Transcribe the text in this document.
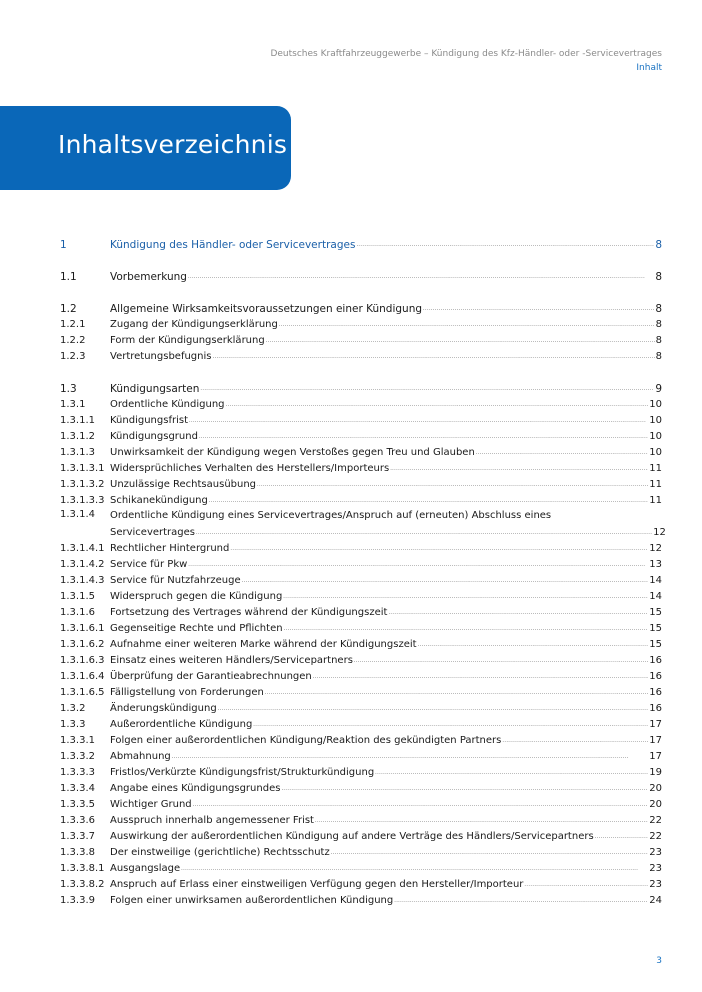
Deutsches Kraftfahrzeuggewerbe – Kündigung des Kfz-Händler- oder -Servicevertrages
Inhalt
Inhaltsverzeichnis
1	Kündigung des Händler- oder Servicevertrages . . .	8
1.1	Vorbemerkung . . .	8
1.2	Allgemeine Wirksamkeitsvoraussetzungen einer Kündigung . . .	8
1.2.1	Zugang der Kündigungserklärung . . .	8
1.2.2	Form der Kündigungserklärung . . .	8
1.2.3	Vertretungsbefugnis . . .	8
1.3	Kündigungsarten . . .	9
1.3.1	Ordentliche Kündigung . . .	10
1.3.1.1	Kündigungsfrist . . .	10
1.3.1.2	Kündigungsgrund . . .	10
1.3.1.3	Unwirksamkeit der Kündigung wegen Verstoßes gegen Treu und Glauben . . .	10
1.3.1.3.1 Widersprüchliches Verhalten des Herstellers/Importeurs . . .	11
1.3.1.3.2 Unzulässige Rechtsausübung . . .	11
1.3.1.3.3 Schikanekündigung . . .	11
1.3.1.4	Ordentliche Kündigung eines Servicevertrages/Anspruch auf (erneuten) Abschluss eines
Servicevertrages . . .	12
1.3.1.4.1 Rechtlicher Hintergrund . . .	12
1.3.1.4.2 Service für Pkw . . .	13
1.3.1.4.3 Service für Nutzfahrzeuge . . .	14
1.3.1.5	Widerspruch gegen die Kündigung . . .	14
1.3.1.6	Fortsetzung des Vertrages während der Kündigungszeit . . .	15
1.3.1.6.1 Gegenseitige Rechte und Pflichten . . .	15
1.3.1.6.2 Aufnahme einer weiteren Marke während der Kündigungszeit . . .	15
1.3.1.6.3 Einsatz eines weiteren Händlers/Servicepartners . . .	16
1.3.1.6.4 Überprüfung der Garantieabrechnungen . . .	16
1.3.1.6.5 Fälligstellung von Forderungen . . .	16
1.3.2	Änderungskündigung . . .	16
1.3.3	Außerordentliche Kündigung . . .	17
1.3.3.1	Folgen einer außerordentlichen Kündigung/Reaktion des gekündigten Partners . . .	17
1.3.3.2	Abmahnung . . .	17
1.3.3.3	Fristlos/Verkürzte Kündigungsfrist/Strukturkündigung . . .	19
1.3.3.4	Angabe eines Kündigungsgrundes . . .	20
1.3.3.5	Wichtiger Grund . . .	20
1.3.3.6	Ausspruch innerhalb angemessener Frist . . .	22
1.3.3.7	Auswirkung der außerordentlichen Kündigung auf andere Verträge des Händlers/Servicepartners . . .	22
1.3.3.8	Der einstweilige (gerichtliche) Rechtsschutz . . .	23
1.3.3.8.1 Ausgangslage . . .	23
1.3.3.8.2 Anspruch auf Erlass einer einstweiligen Verfügung gegen den Hersteller/Importeur . . .	23
1.3.3.9	Folgen einer unwirksamen außerordentlichen Kündigung . . .	24
3
